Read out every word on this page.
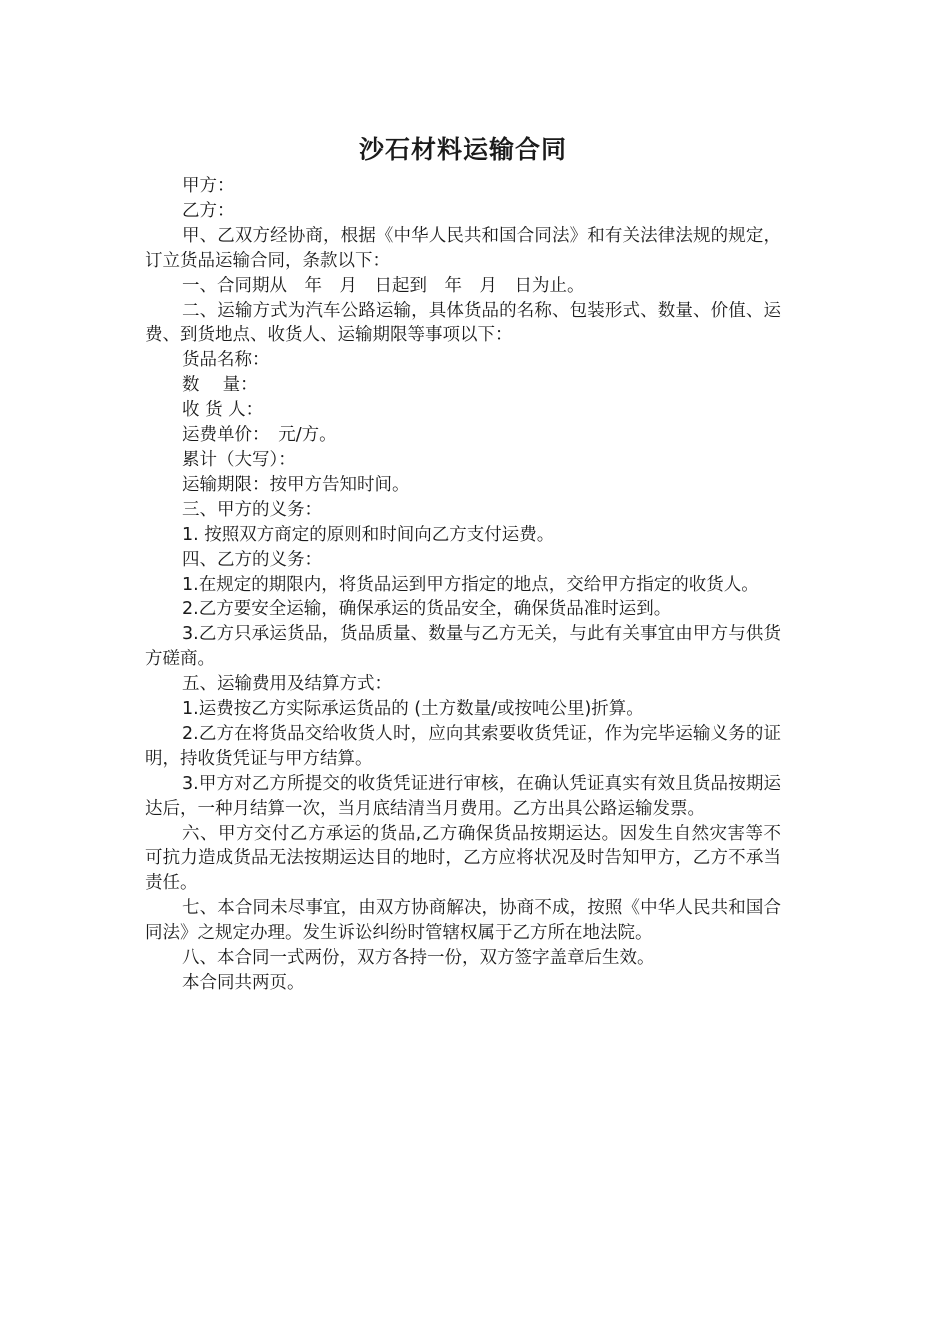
沙石材料运输合同

甲方：

乙方：

甲、乙双方经协商，根据《中华人民共和国合同法》和有关法律法规的规定，订立货品运输合同，条款以下：

一、合同期从　年　月　日起到　年　月　日为止。

二、运输方式为汽车公路运输，具体货品的名称、包装形式、数量、价值、运费、到货地点、收货人、运输期限等事项以下：

货品名称：

数　 量：

收 货 人：

运费单价：　元/方。

累计（大写）：

运输期限：按甲方告知时间。

三、甲方的义务：

1. 按照双方商定的原则和时间向乙方支付运费。

四、乙方的义务：

1.在规定的期限内，将货品运到甲方指定的地点，交给甲方指定的收货人。

2.乙方要安全运输，确保承运的货品安全，确保货品准时运到。

3.乙方只承运货品，货品质量、数量与乙方无关，与此有关事宜由甲方与供货方磋商。

五、运输费用及结算方式：

1.运费按乙方实际承运货品的 (土方数量/或按吨公里)折算。

2.乙方在将货品交给收货人时，应向其索要收货凭证，作为完毕运输义务的证明，持收货凭证与甲方结算。

3.甲方对乙方所提交的收货凭证进行审核，在确认凭证真实有效且货品按期运达后，一种月结算一次，当月底结清当月费用。乙方出具公路运输发票。

六、甲方交付乙方承运的货品,乙方确保货品按期运达。因发生自然灾害等不可抗力造成货品无法按期运达目的地时，乙方应将状况及时告知甲方，乙方不承当责任。

七、本合同未尽事宜，由双方协商解决，协商不成，按照《中华人民共和国合同法》之规定办理。发生诉讼纠纷时管辖权属于乙方所在地法院。

八、本合同一式两份，双方各持一份，双方签字盖章后生效。

本合同共两页。
